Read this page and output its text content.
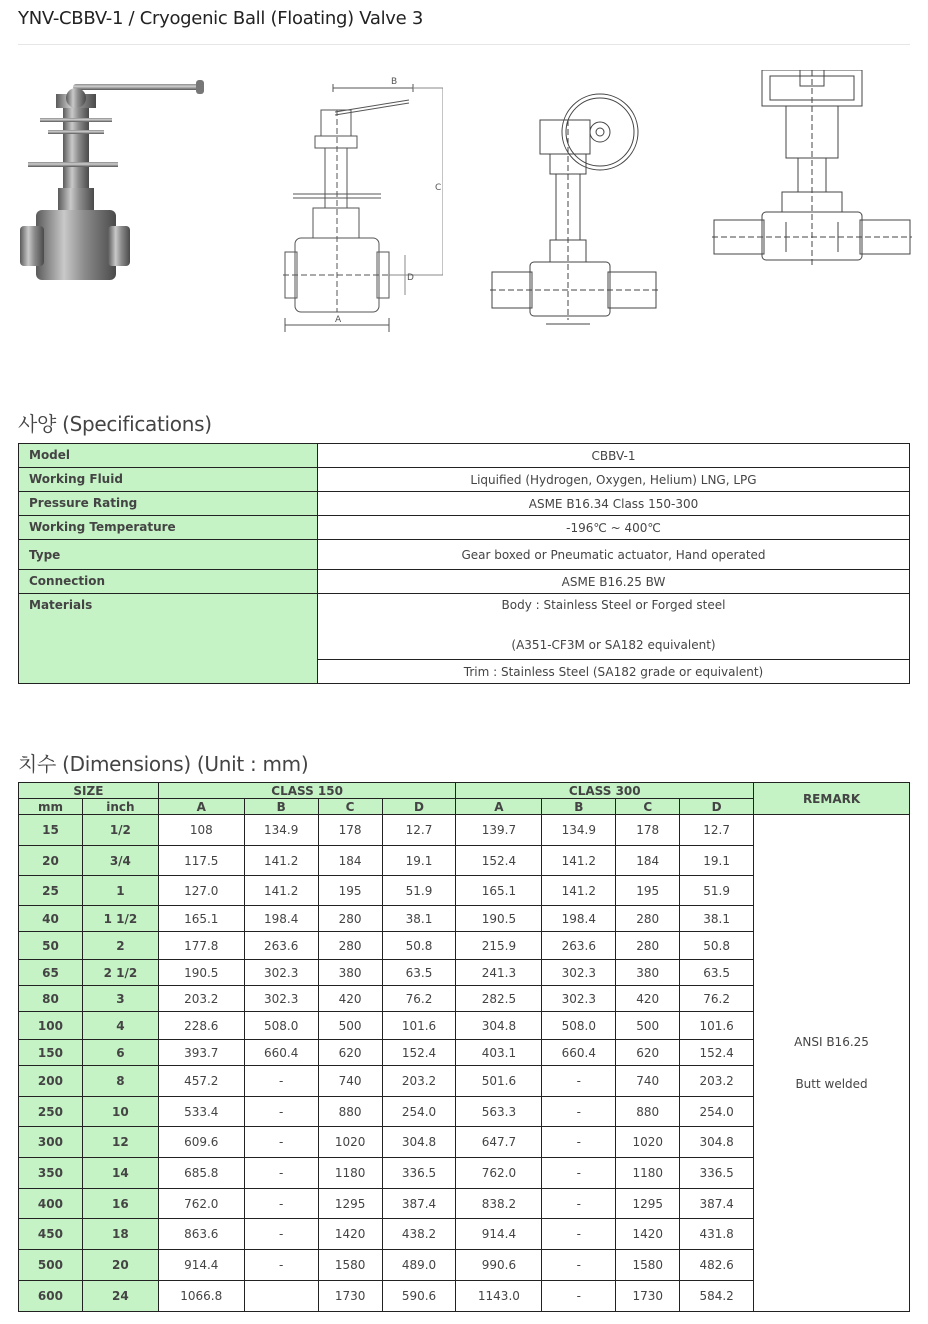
YNV-CBBV-1 / Cryogenic Ball (Floating) Valve 3
B
C
D
A
사양 (Specifications)
Model	CBBV-1
Working Fluid	Liquified (Hydrogen, Oxygen, Helium) LNG, LPG
Pressure Rating	ASME B16.34 Class 150-300
Working Temperature	-196℃ ~ 400℃
Type	Gear boxed or Pneumatic actuator, Hand operated
Connection	ASME B16.25 BW
Materials	Body : Stainless Steel or Forged steel
(A351-CF3M or SA182 equivalent)

	Trim : Stainless Steel (SA182 grade or equivalent)
치수 (Dimensions) (Unit : mm)
SIZE		CLASS 150				CLASS 300				REMARK
mm	inch	A	B	C	D	A	B	C	D	
15	1/2	108	134.9	178	12.7	139.7	134.9	178	12.7	ANSI B16.25
Butt welded

20	3/4	117.5	141.2	184	19.1	152.4	141.2	184	19.1	
25	1	127.0	141.2	195	51.9	165.1	141.2	195	51.9	
40	1 1/2	165.1	198.4	280	38.1	190.5	198.4	280	38.1	
50	2	177.8	263.6	280	50.8	215.9	263.6	280	50.8	
65	2 1/2	190.5	302.3	380	63.5	241.3	302.3	380	63.5	
80	3	203.2	302.3	420	76.2	282.5	302.3	420	76.2	
100	4	228.6	508.0	500	101.6	304.8	508.0	500	101.6	
150	6	393.7	660.4	620	152.4	403.1	660.4	620	152.4	
200	8	457.2	-	740	203.2	501.6	-	740	203.2	
250	10	533.4	-	880	254.0	563.3	-	880	254.0	
300	12	609.6	-	1020	304.8	647.7	-	1020	304.8	
350	14	685.8	-	1180	336.5	762.0	-	1180	336.5	
400	16	762.0	-	1295	387.4	838.2	-	1295	387.4	
450	18	863.6	-	1420	438.2	914.4	-	1420	431.8	
500	20	914.4	-	1580	489.0	990.6	-	1580	482.6	
600	24	1066.8		1730	590.6	1143.0	-	1730	584.2	
